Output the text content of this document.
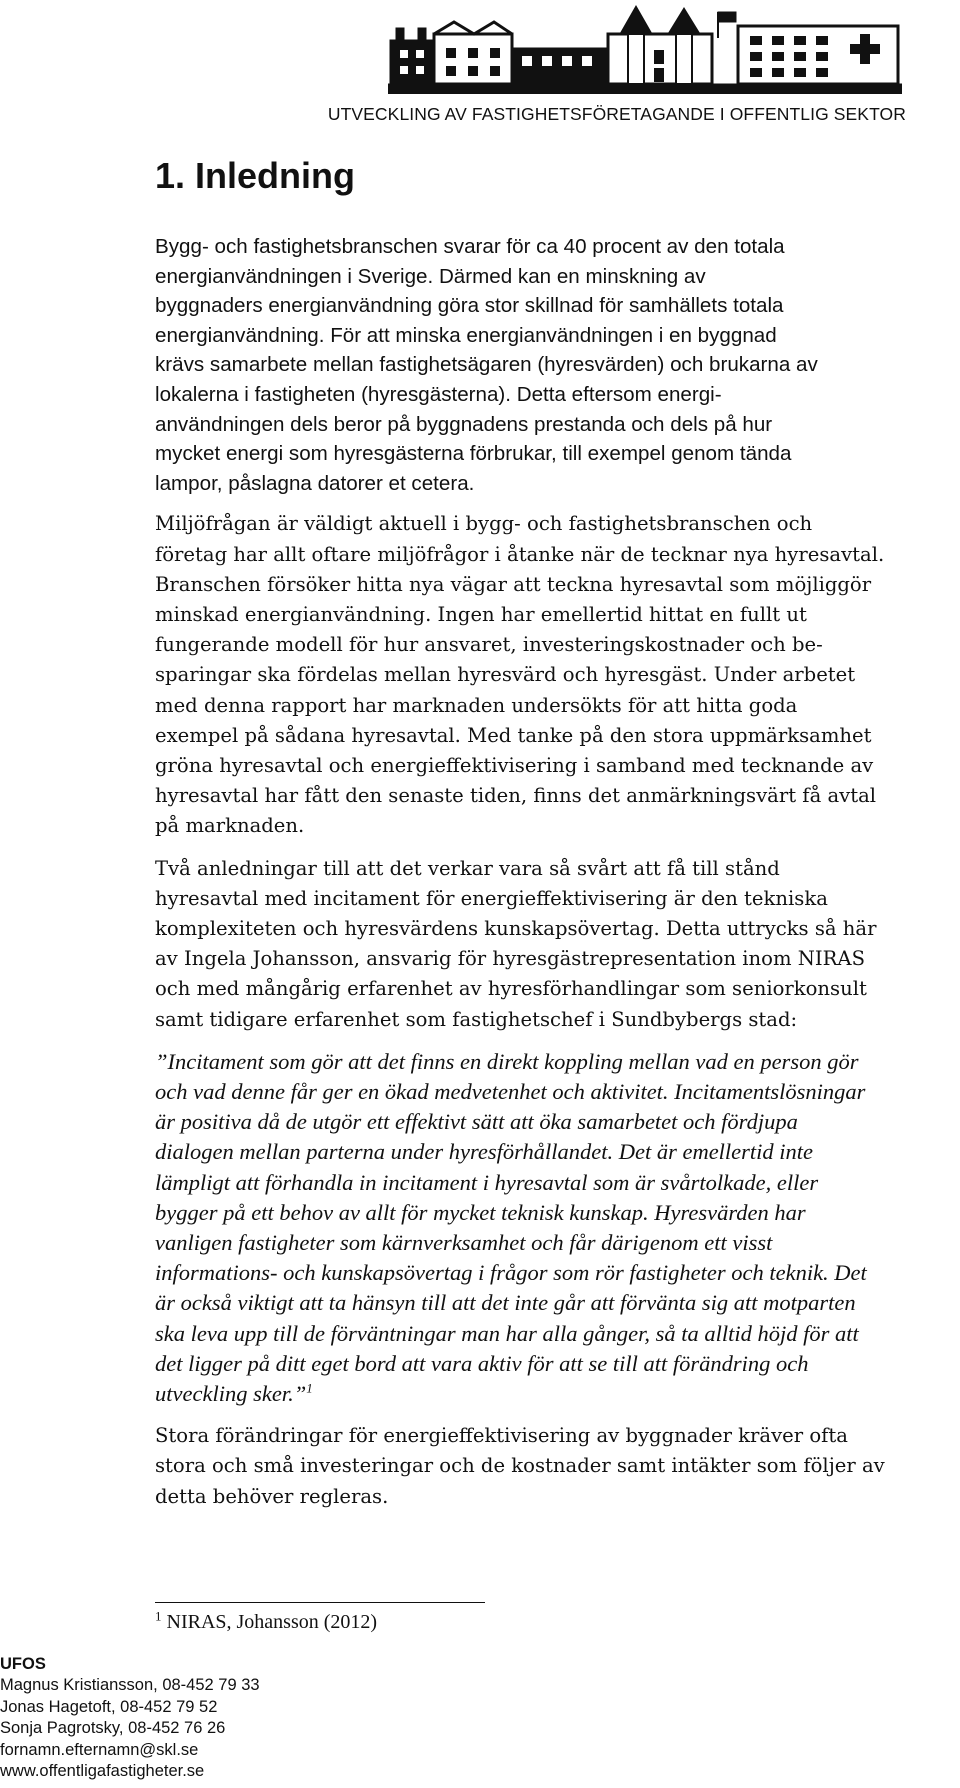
UTVECKLING AV FASTIGHETSFÖRETAGANDE I OFFENTLIG SEKTOR
1. Inledning

Bygg- och fastighetsbranschen svarar för ca 40 procent av den totala
energianvändningen i Sverige. Därmed kan en minskning av
byggnaders energianvändning göra stor skillnad för samhällets totala
energianvändning. För att minska energianvändningen i en byggnad
krävs samarbete mellan fastighetsägaren (hyresvärden) och brukarna av
lokalerna i fastigheten (hyresgästerna). Detta eftersom energi-
användningen dels beror på byggnadens prestanda och dels på hur
mycket energi som hyresgästerna förbrukar, till exempel genom tända
lampor, påslagna datorer et cetera.

Miljöfrågan är väldigt aktuell i bygg- och fastighetsbranschen och
företag har allt oftare miljöfrågor i åtanke när de tecknar nya hyresavtal.
Branschen försöker hitta nya vägar att teckna hyresavtal som möjliggör
minskad energianvändning. Ingen har emellertid hittat en fullt ut
fungerande modell för hur ansvaret, investeringskostnader och be-
sparingar ska fördelas mellan hyresvärd och hyresgäst. Under arbetet
med denna rapport har marknaden undersökts för att hitta goda
exempel på sådana hyresavtal. Med tanke på den stora uppmärksamhet
gröna hyresavtal och energieffektivisering i samband med tecknande av
hyresavtal har fått den senaste tiden, finns det anmärkningsvärt få avtal
på marknaden.

Två anledningar till att det verkar vara så svårt att få till stånd
hyresavtal med incitament för energieffektivisering är den tekniska
komplexiteten och hyresvärdens kunskapsövertag. Detta uttrycks så här
av Ingela Johansson, ansvarig för hyresgästrepresentation inom NIRAS
och med mångårig erfarenhet av hyresförhandlingar som seniorkonsult
samt tidigare erfarenhet som fastighetschef i Sundbybergs stad:

”Incitament som gör att det finns en direkt koppling mellan vad en person gör
och vad denne får ger en ökad medvetenhet och aktivitet. Incitamentslösningar
är positiva då de utgör ett effektivt sätt att öka samarbetet och fördjupa
dialogen mellan parterna under hyresförhållandet. Det är emellertid inte
lämpligt att förhandla in incitament i hyresavtal som är svårtolkade, eller
bygger på ett behov av allt för mycket teknisk kunskap. Hyresvärden har
vanligen fastigheter som kärnverksamhet och får därigenom ett visst
informations- och kunskapsövertag i frågor som rör fastigheter och teknik. Det
är också viktigt att ta hänsyn till att det inte går att förvänta sig att motparten
ska leva upp till de förväntningar man har alla gånger, så ta alltid höjd för att
det ligger på ditt eget bord att vara aktiv för att se till att förändring och
utveckling sker.”$^1$

Stora förändringar för energieffektivisering av byggnader kräver ofta
stora och små investeringar och de kostnader samt intäkter som följer av
detta behöver regleras.

$^1$ NIRAS, Johansson (2012)
UFOS
Magnus Kristiansson, 08-452 79 33
Jonas Hagetoft, 08-452 79 52
Sonja Pagrotsky, 08-452 76 26
fornamn.efternamn@skl.se
www.offentligafastigheter.se
